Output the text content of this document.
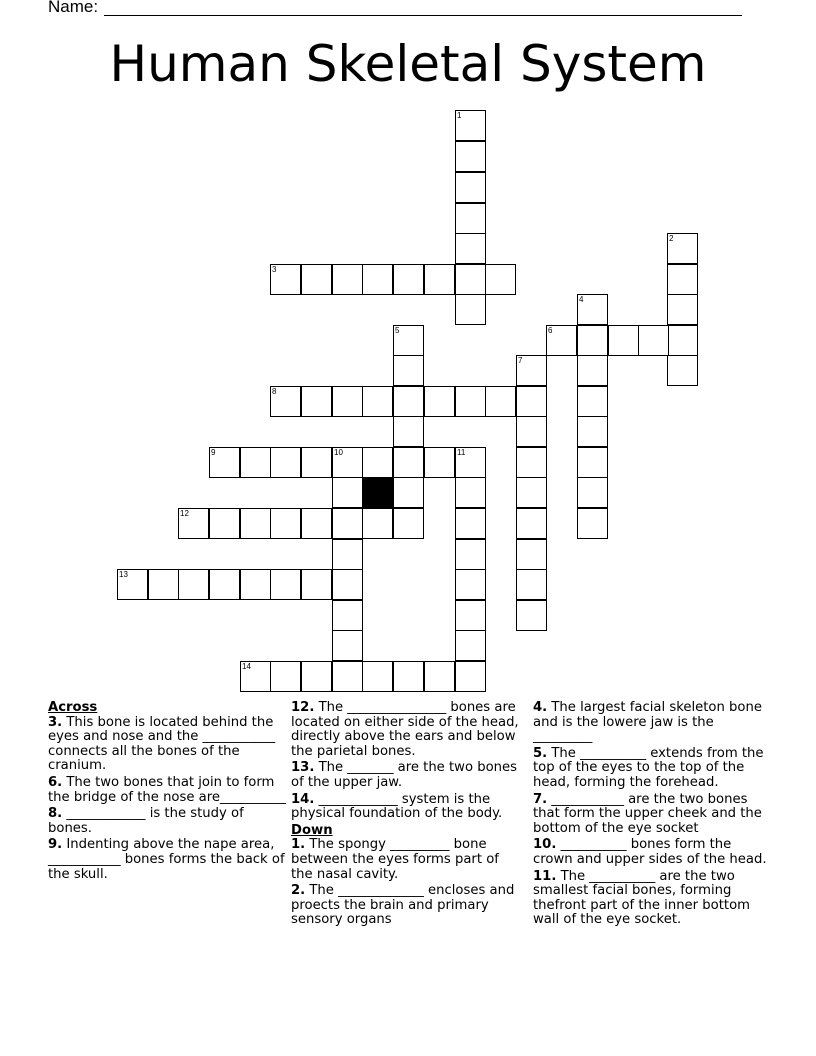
Name:
Human Skeletal System
1
3
2
4
6
5
7
8
9	10	11
12
13
14
Across
3. This bone is located behind the eyes and nose and the ___________ connects all the bones of the cranium.
6. The two bones that join to form the bridge of the nose are__________
8. ____________ is the study of bones.
9. Indenting above the nape area, ___________ bones forms the back of the skull.
12. The _______________ bones are located on either side of the head, directly above the ears and below the parietal bones.
13. The _______ are the two bones of the upper jaw.
14. ____________ system is the physical foundation of the body.
Down
1. The spongy _________ bone between the eyes forms part of the nasal cavity.
2. The _____________ encloses and proects the brain and primary sensory organs
4. The largest facial skeleton bone and is the lowere jaw is the _________
5. The __________ extends from the top of the eyes to the top of the head, forming the forehead.
7. ___________ are the two bones that form the upper cheek and the bottom of the eye socket
10. __________ bones form the crown and upper sides of the head.
11. The __________ are the two smallest facial bones, forming thefront part of the inner bottom wall of the eye socket.
